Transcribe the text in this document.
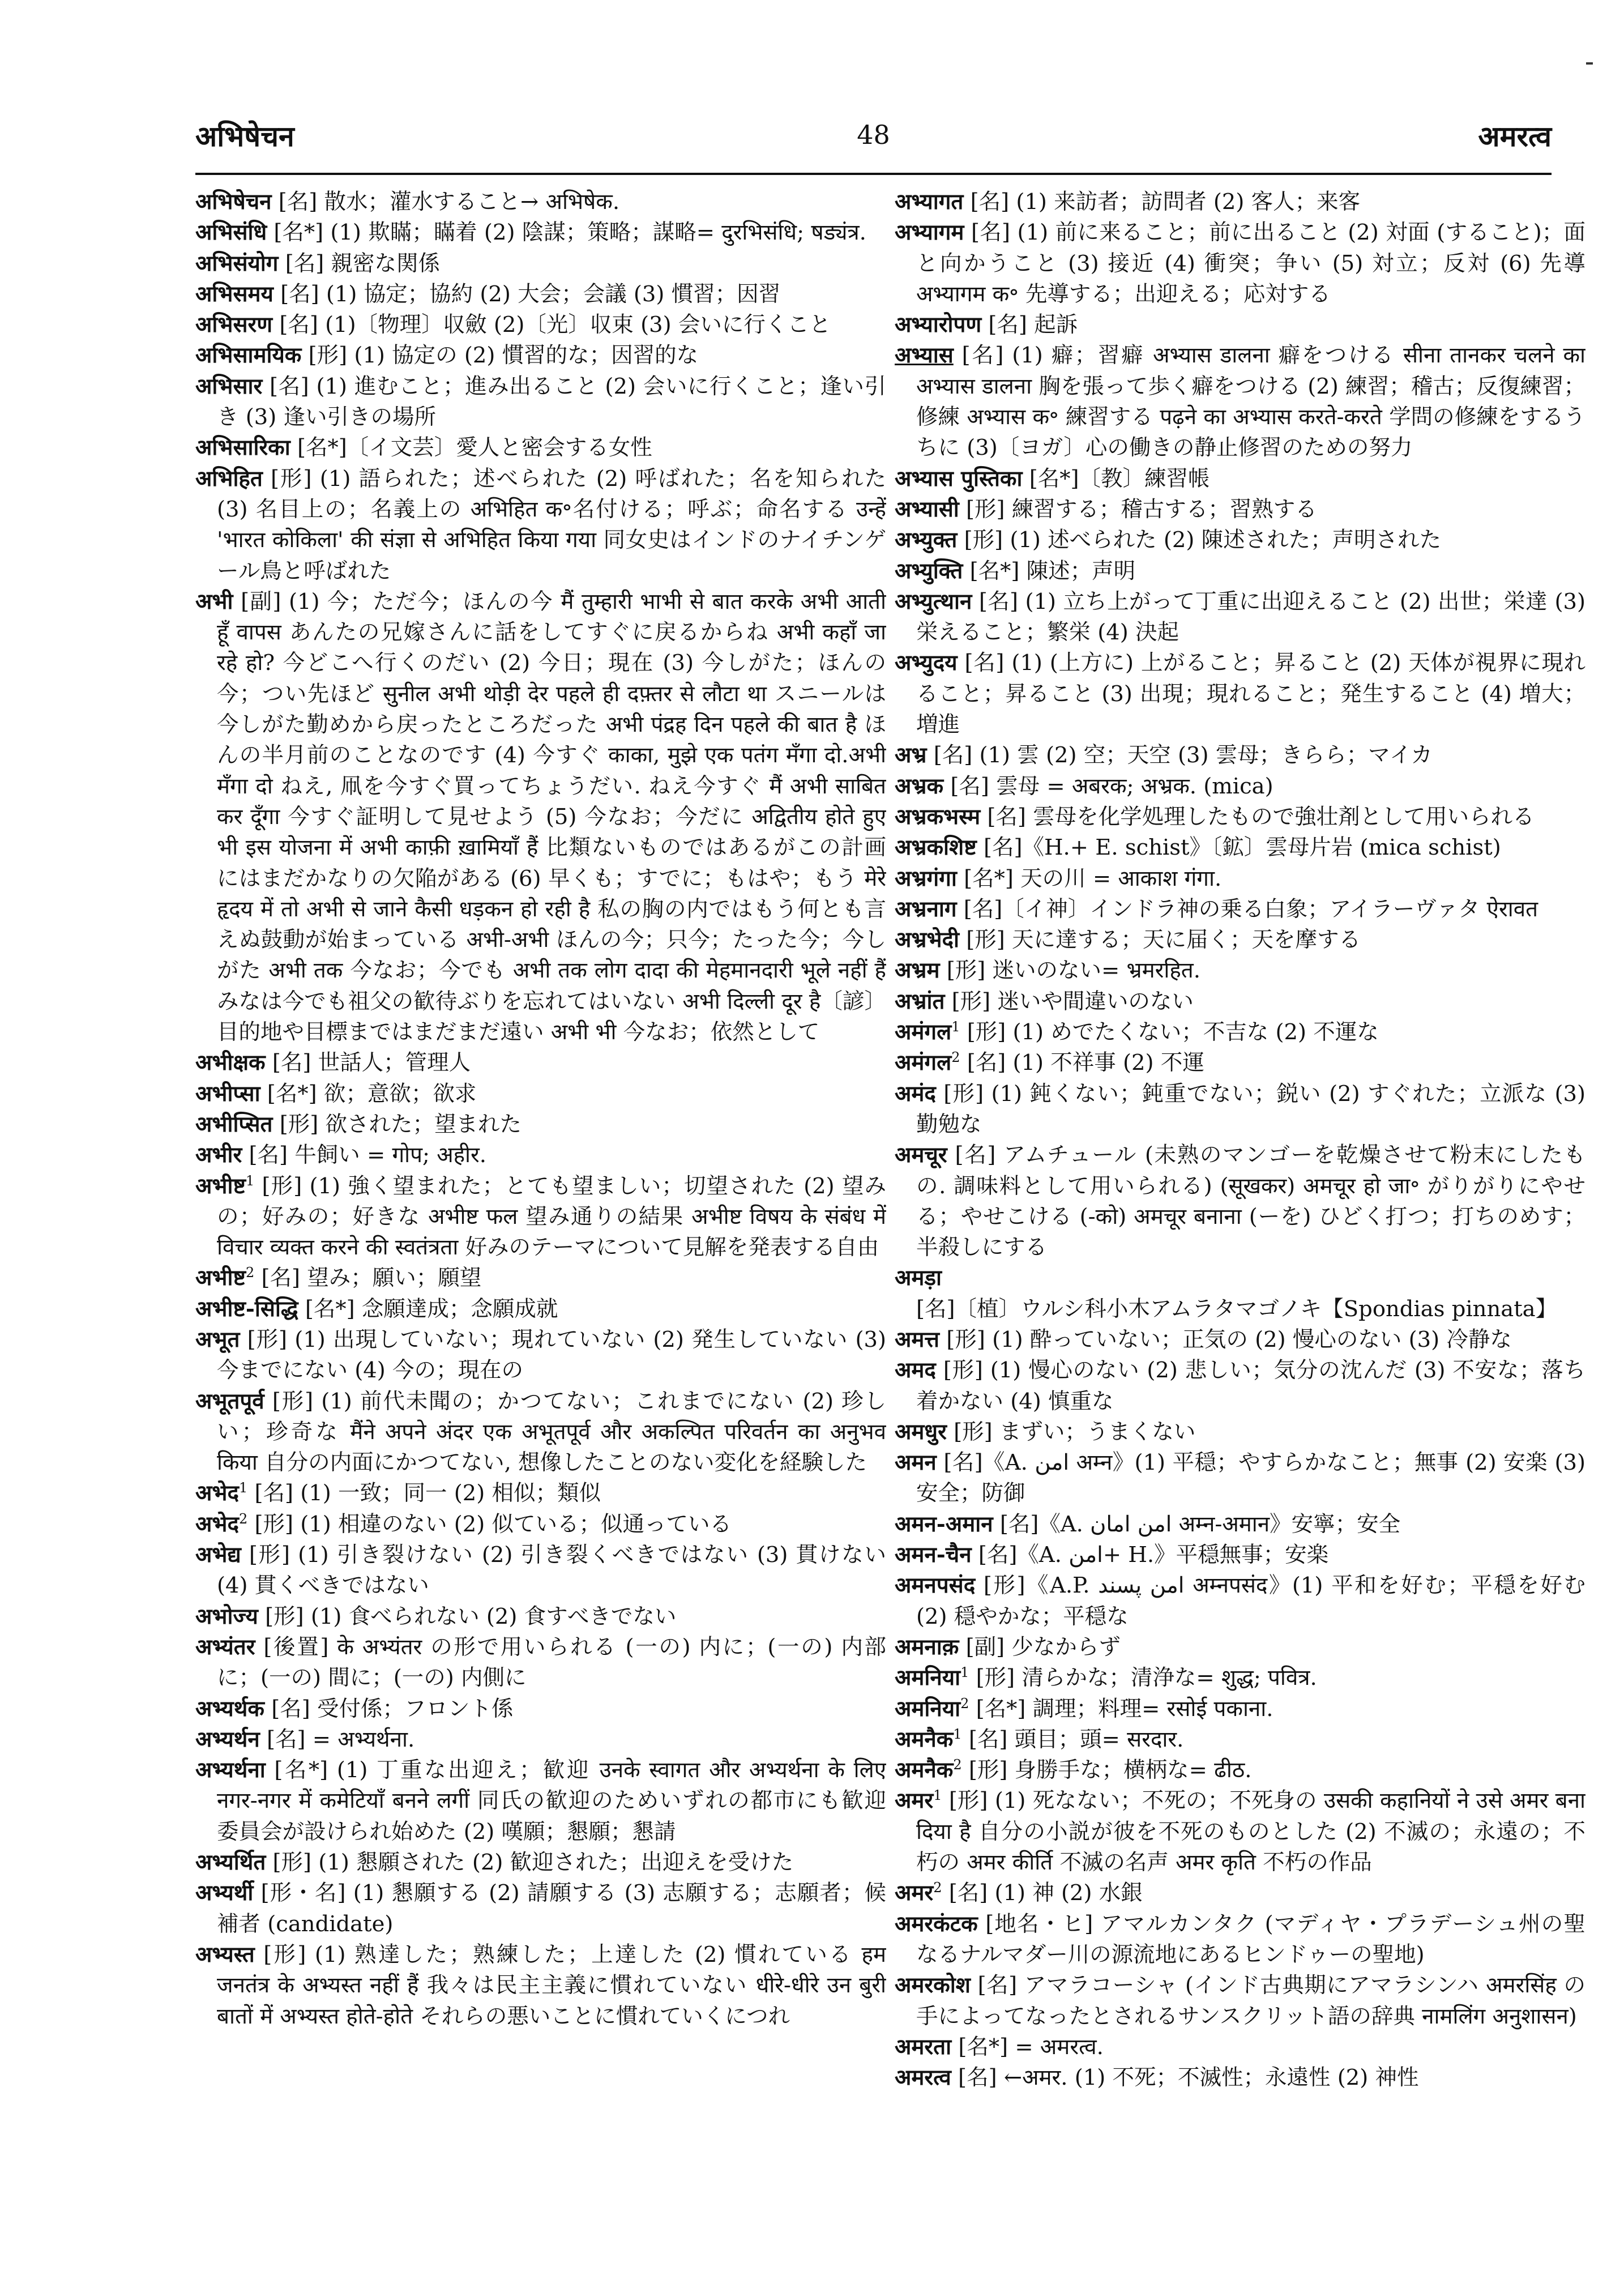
अभिषेचन	48	अमरत्व
अभिषेचन [名] 散水；灌水すること→ अभिषेक.
अभिसंधि [名*] (1) 欺瞞；瞞着 (2) 陰謀；策略；謀略= दुरभिसंधि; षड्यंत्र.
अभिसंयोग [名] 親密な関係
अभिसमय [名] (1) 協定；協約 (2) 大会；会議 (3) 慣習；因習
अभिसरण [名] (1)〔物理〕収斂 (2)〔光〕収束 (3) 会いに行くこと
अभिसामयिक [形] (1) 協定の (2) 慣習的な；因習的な
अभिसार [名] (1) 進むこと；進み出ること (2) 会いに行くこと；逢い引き (3) 逢い引きの場所
अभिसारिका [名*]〔イ文芸〕愛人と密会する女性
अभिहित [形] (1) 語られた；述べられた (2) 呼ばれた；名を知られた (3) 名目上の；名義上の अभिहित क॰名付ける；呼ぶ；命名する उन्हें 'भारत कोकिला' की संज्ञा से अभिहित किया गया 同女史はインドのナイチンゲール鳥と呼ばれた
अभी [副] (1) 今；ただ今；ほんの今 मैं तुम्हारी भाभी से बात करके अभी आती हूँ वापस あんたの兄嫁さんに話をしてすぐに戻るからね अभी कहाँ जा रहे हो? 今どこへ行くのだい (2) 今日；現在 (3) 今しがた；ほんの今；つい先ほど सुनील अभी थोड़ी देर पहले ही दफ़्तर से लौटा था スニールは今しがた勤めから戻ったところだった अभी पंद्रह दिन पहले की बात है ほんの半月前のことなのです (4) 今すぐ काका, मुझे एक पतंग मँगा दो.अभी मँगा दो ねえ, 凧を今すぐ買ってちょうだい. ねえ今すぐ मैं अभी साबित कर दूँगा 今すぐ証明して見せよう (5) 今なお；今だに अद्वितीय होते हुए भी इस योजना में अभी काफ़ी ख़ामियाँ हैं 比類ないものではあるがこの計画にはまだかなりの欠陥がある (6) 早くも；すでに；もはや；もう मेरे हृदय में तो अभी से जाने कैसी धड़कन हो रही है 私の胸の内ではもう何とも言えぬ鼓動が始まっている अभी-अभी ほんの今；只今；たった今；今しがた अभी तक 今なお；今でも अभी तक लोग दादा की मेहमानदारी भूले नहीं हैं みなは今でも祖父の歓待ぶりを忘れてはいない अभी दिल्ली दूर है〔諺〕目的地や目標まではまだまだ遠い अभी भी 今なお；依然として
अभीक्षक [名] 世話人；管理人
अभीप्सा [名*] 欲；意欲；欲求
अभीप्सित [形] 欲された；望まれた
अभीर [名] 牛飼い = गोप; अहीर.
अभीष्ट$^1$ [形] (1) 強く望まれた；とても望ましい；切望された (2) 望みの；好みの；好きな अभीष्ट फल 望み通りの結果 अभीष्ट विषय के संबंध में विचार व्यक्त करने की स्वतंत्रता 好みのテーマについて見解を発表する自由
अभीष्ट$^2$ [名] 望み；願い；願望
अभीष्ट-सिद्धि [名*] 念願達成；念願成就
अभूत [形] (1) 出現していない；現れていない (2) 発生していない (3) 今までにない (4) 今の；現在の
अभूतपूर्व [形] (1) 前代未聞の；かつてない；これまでにない (2) 珍しい；珍奇な मैंने अपने अंदर एक अभूतपूर्व और अकल्पित परिवर्तन का अनुभव किया 自分の内面にかつてない, 想像したことのない変化を経験した
अभेद$^1$ [名] (1) 一致；同一 (2) 相似；類似
अभेद$^2$ [形] (1) 相違のない (2) 似ている；似通っている
अभेद्य [形] (1) 引き裂けない (2) 引き裂くべきではない (3) 貫けない (4) 貫くべきではない
अभोज्य [形] (1) 食べられない (2) 食すべきでない
अभ्यंतर [後置] के अभ्यंतर の形で用いられる (一の) 内に；(一の) 内部に；(一の) 間に；(一の) 内側に
अभ्यर्थक [名] 受付係；フロント係
अभ्यर्थन [名] = अभ्यर्थना.
अभ्यर्थना [名*] (1) 丁重な出迎え；歓迎 उनके स्वागत और अभ्यर्थना के लिए नगर-नगर में कमेटियाँ बनने लगीं 同氏の歓迎のためいずれの都市にも歓迎委員会が設けられ始めた (2) 嘆願；懇願；懇請
अभ्यर्थित [形] (1) 懇願された (2) 歓迎された；出迎えを受けた
अभ्यर्थी [形・名] (1) 懇願する (2) 請願する (3) 志願する；志願者；候補者 (candidate)
अभ्यस्त [形] (1) 熟達した；熟練した；上達した (2) 慣れている हम जनतंत्र के अभ्यस्त नहीं हैं 我々は民主主義に慣れていない धीरे-धीरे उन बुरी बातों में अभ्यस्त होते-होते それらの悪いことに慣れていくにつれ
अभ्यागत [名] (1) 来訪者；訪問者 (2) 客人；来客
अभ्यागम [名] (1) 前に来ること；前に出ること (2) 対面 (すること)；面と向かうこと (3) 接近 (4) 衝突；争い (5) 対立；反対 (6) 先導 अभ्यागम क॰ 先導する；出迎える；応対する
अभ्यारोपण [名] 起訴
अभ्यास [名] (1) 癖；習癖 अभ्यास डालना 癖をつける सीना तानकर चलने का अभ्यास डालना 胸を張って歩く癖をつける (2) 練習；稽古；反復練習；修練 अभ्यास क॰ 練習する पढ़ने का अभ्यास करते-करते 学問の修練をするうちに (3)〔ヨガ〕心の働きの静止修習のための努力
अभ्यास पुस्तिका [名*]〔教〕練習帳
अभ्यासी [形] 練習する；稽古する；習熟する
अभ्युक्त [形] (1) 述べられた (2) 陳述された；声明された
अभ्युक्ति [名*] 陳述；声明
अभ्युत्थान [名] (1) 立ち上がって丁重に出迎えること (2) 出世；栄達 (3) 栄えること；繁栄 (4) 決起
अभ्युदय [名] (1) (上方に) 上がること；昇ること (2) 天体が視界に現れること；昇ること (3) 出現；現れること；発生すること (4) 増大；増進
अभ्र [名] (1) 雲 (2) 空；天空 (3) 雲母；きらら；マイカ
अभ्रक [名] 雲母 = अबरक; अभ्रक. (mica)
अभ्रकभस्म [名] 雲母を化学処理したもので強壮剤として用いられる
अभ्रकशिष्ट [名]《H.+ E. schist》〔鉱〕雲母片岩 (mica schist)
अभ्रगंगा [名*] 天の川 = आकाश गंगा.
अभ्रनाग [名]〔イ神〕インドラ神の乗る白象；アイラーヴァタ ऐरावत
अभ्रभेदी [形] 天に達する；天に届く；天を摩する
अभ्रम [形] 迷いのない= भ्रमरहित.
अभ्रांत [形] 迷いや間違いのない
अमंगल$^1$ [形] (1) めでたくない；不吉な (2) 不運な
अमंगल$^2$ [名] (1) 不祥事 (2) 不運
अमंद [形] (1) 鈍くない；鈍重でない；鋭い (2) すぐれた；立派な (3) 勤勉な
अमचूर [名] アムチュール (未熟のマンゴーを乾燥させて粉末にしたもの. 調味料として用いられる) (सूखकर) अमचूर हो जा॰ がりがりにやせる；やせこける (-को) अमचूर बनाना (ーを) ひどく打つ；打ちのめす；半殺しにする
अमड़ा [名]〔植〕ウルシ科小木アムラタマゴノキ【Spondias pinnata】
अमत्त [形] (1) 酔っていない；正気の (2) 慢心のない (3) 冷静な
अमद [形] (1) 慢心のない (2) 悲しい；気分の沈んだ (3) 不安な；落ち着かない (4) 慎重な
अमधुर [形] まずい；うまくない
अमन [名]《A. امن अम्न》(1) 平穏；やすらかなこと；無事 (2) 安楽 (3) 安全；防御
अमन-अमान [名]《A. امن امان अम्न-अमान》安寧；安全
अमन-चैन [名]《A. امن+ H.》平穏無事；安楽
अमनपसंद [形]《A.P. امن پسند अम्नपसंद》(1) 平和を好む；平穏を好む (2) 穏やかな；平穏な
अमनाक़ [副] 少なからず
अमनिया$^1$ [形] 清らかな；清浄な= शुद्ध; पवित्र.
अमनिया$^2$ [名*] 調理；料理= रसोई पकाना.
अमनैक$^1$ [名] 頭目；頭= सरदार.
अमनैक$^2$ [形] 身勝手な；横柄な= ढीठ.
अमर$^1$ [形] (1) 死なない；不死の；不死身の उसकी कहानियों ने उसे अमर बना दिया है 自分の小説が彼を不死のものとした (2) 不滅の；永遠の；不朽の अमर कीर्ति 不滅の名声 अमर कृति 不朽の作品
अमर$^2$ [名] (1) 神 (2) 水銀
अमरकंटक [地名・ヒ] アマルカンタク (マディヤ・プラデーシュ州の聖なるナルマダー川の源流地にあるヒンドゥーの聖地)
अमरकोश [名] アマラコーシャ (インド古典期にアマラシンハ अमरसिंह の手によってなったとされるサンスクリット語の辞典 नामलिंग अनुशासन)
अमरता [名*] = अमरत्व.
अमरत्व [名] ←अमर. (1) 不死；不滅性；永遠性 (2) 神性
